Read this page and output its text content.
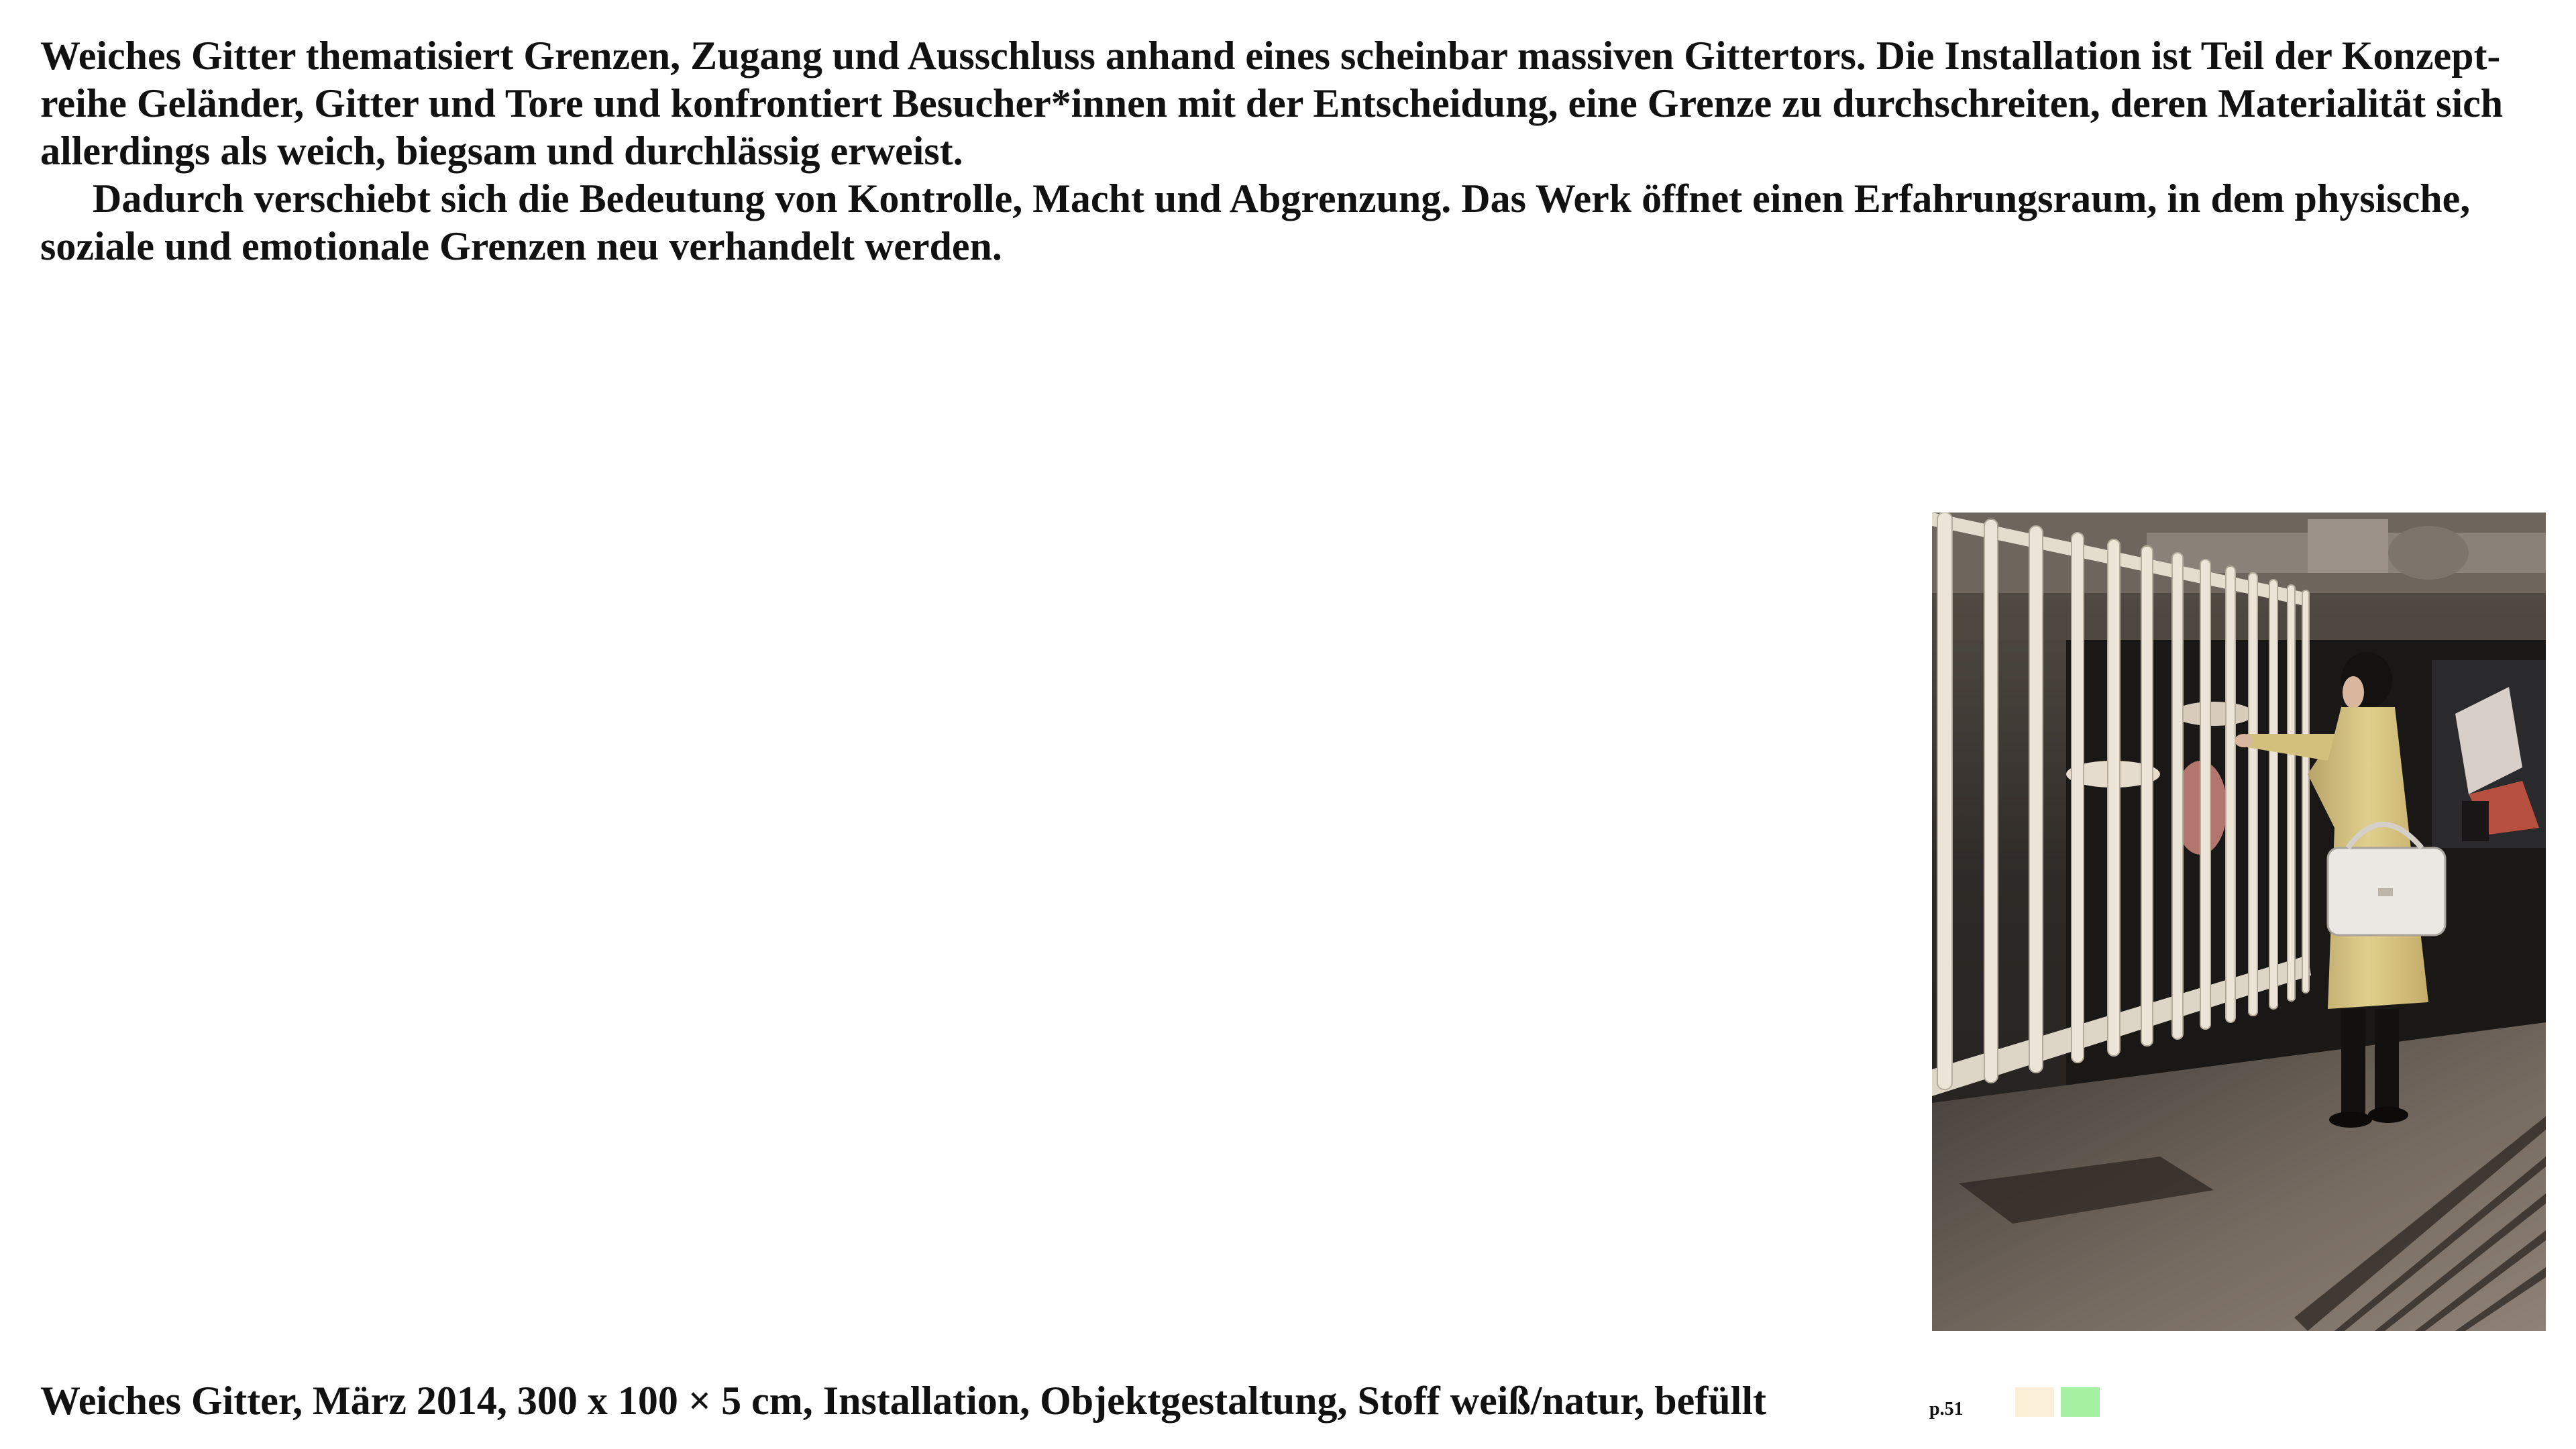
Weiches Gitter thematisiert Grenzen, Zugang und Ausschluss anhand eines scheinbar massiven Gittertors. Die Installation ist Teil der Konzept-reihe Geländer, Gitter und Tore und konfrontiert Besucher*innen mit der Entscheidung, eine Grenze zu durchschreiten, deren Materialität sich allerdings als weich, biegsam und durchlässig erweist.

Dadurch verschiebt sich die Bedeutung von Kontrolle, Macht und Abgrenzung. Das Werk öffnet einen Erfahrungsraum, in dem physische, soziale und emotionale Grenzen neu verhandelt werden.

Weiches Gitter, März 2014, 300 x 100 × 5 cm, Installation, Objektgestaltung, Stoff weiß/natur, befüllt	p.51
